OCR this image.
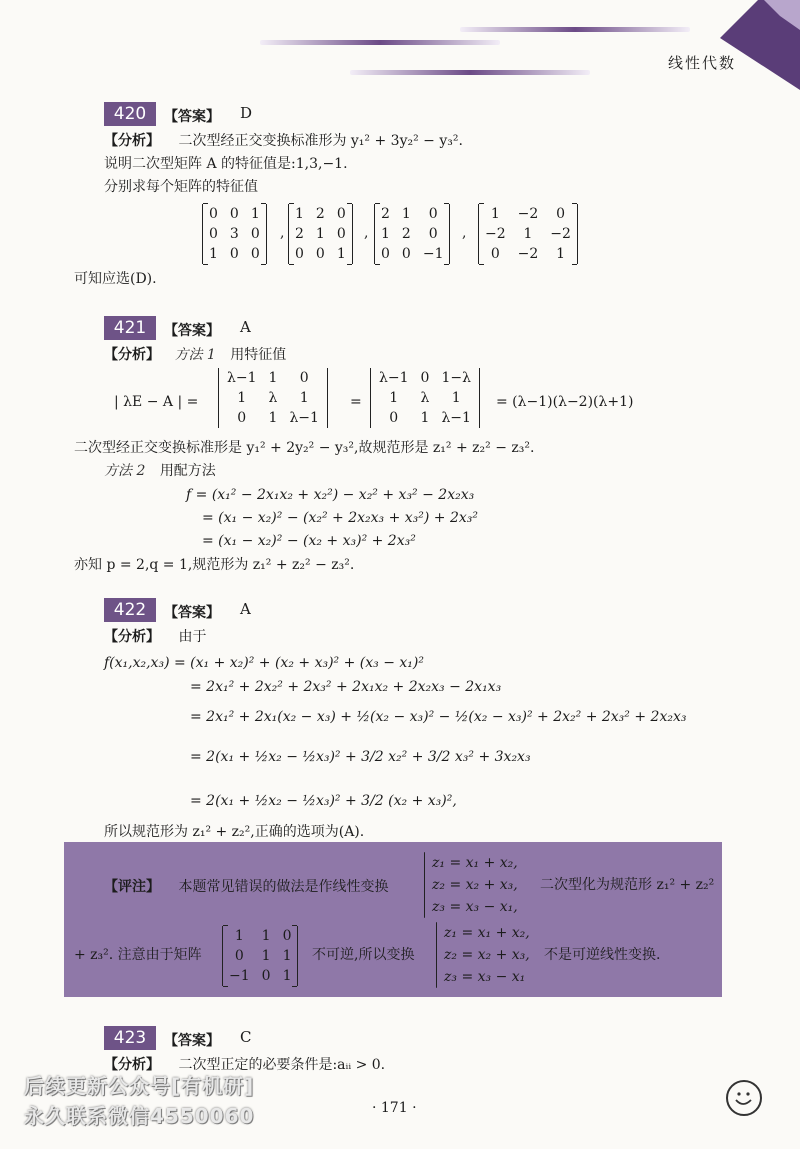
线性代数
420	【答案】 D
【分析】 二次型经正交变换标准形为 y₁² + 3y₂² − y₃².
说明二次型矩阵 A 的特征值是:1,3,−1.
分别求每个矩阵的特征值
0	0	1
0	3	0
1	0	0
,
1	2	0
2	1	0
0	0	1
,
2	1	0
1	2	0
0	0	−1
,
1	−2	0
−2	1	−2
0	−2	1
可知应选(D).
421	【答案】 A
【分析】 方法 1 用特征值
| λE − A | =
λ−1	1	0
1	λ	1
0	1	λ−1
=
λ−1	0	1−λ
1	λ	1
0	1	λ−1
= (λ−1)(λ−2)(λ+1)
二次型经正交变换标准形是 y₁² + 2y₂² − y₃²,故规范形是 z₁² + z₂² − z₃².
方法 2 用配方法
f = (x₁² − 2x₁x₂ + x₂²) − x₂² + x₃² − 2x₂x₃
= (x₁ − x₂)² − (x₂² + 2x₂x₃ + x₃²) + 2x₃²
= (x₁ − x₂)² − (x₂ + x₃)² + 2x₃²
亦知 p = 2,q = 1,规范形为 z₁² + z₂² − z₃².
422	【答案】 A
【分析】 由于
f(x₁,x₂,x₃) = (x₁ + x₂)² + (x₂ + x₃)² + (x₃ − x₁)²
= 2x₁² + 2x₂² + 2x₃² + 2x₁x₂ + 2x₂x₃ − 2x₁x₃
= 2x₁² + 2x₁(x₂ − x₃) + ½(x₂ − x₃)² − ½(x₂ − x₃)² + 2x₂² + 2x₃² + 2x₂x₃
= 2(x₁ + ½x₂ − ½x₃)² + 3/2 x₂² + 3/2 x₃² + 3x₂x₃
= 2(x₁ + ½x₂ − ½x₃)² + 3/2 (x₂ + x₃)²,
所以规范形为 z₁² + z₂²,正确的选项为(A).
【评注】 本题常见错误的做法是作线性变换
z₁ = x₁ + x₂,
z₂ = x₂ + x₃,
z₃ = x₃ − x₁,
二次型化为规范形 z₁² + z₂²
+ z₃². 注意由于矩阵
1	1	0
0	1	1
−1	0	1
不可逆,所以变换
z₁ = x₁ + x₂,
z₂ = x₂ + x₃,
z₃ = x₃ − x₁
不是可逆线性变换.
423	【答案】 C
【分析】 二次型正定的必要条件是:aᵢᵢ > 0.
后续更新公众号[有机研]
永久联系微信4550060	· 171 ·
